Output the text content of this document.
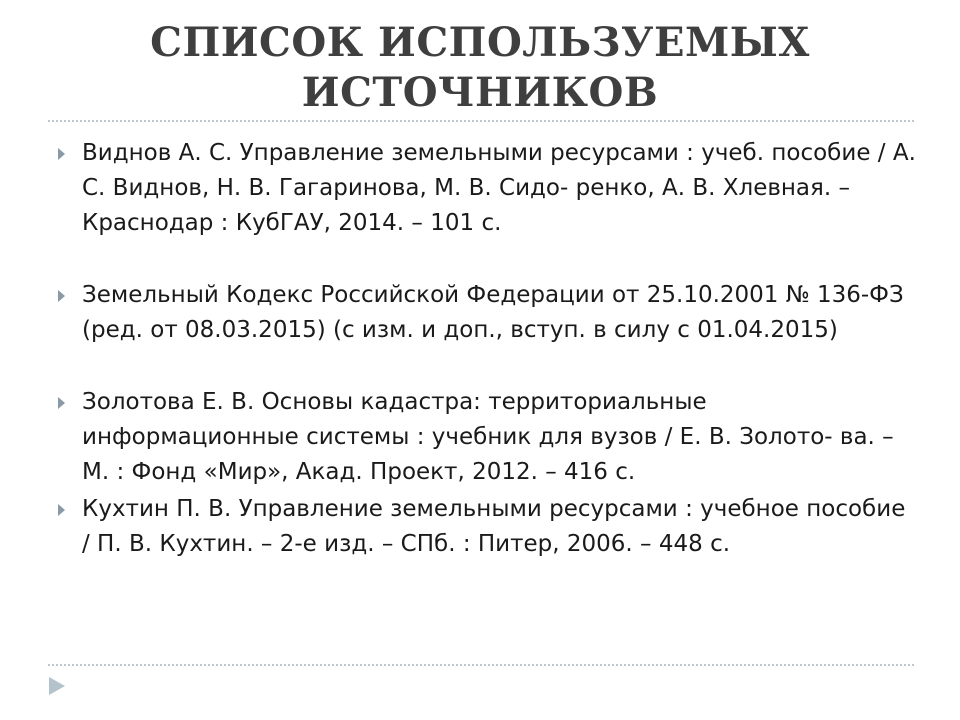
СПИСОК ИСПОЛЬЗУЕМЫХ
ИСТОЧНИКОВ
Виднов А. С. Управление земельными ресурсами : учеб. пособие / А. С. Виднов, Н. В. Гагаринова, М. В. Сидо- ренко, А. В. Хлевная. – Краснодар : КубГАУ, 2014. – 101 с.
Земельный Кодекс Российской Федерации от 25.10.2001 № 136-ФЗ (ред. от 08.03.2015) (с изм. и доп., вступ. в силу с 01.04.2015)
Золотова Е. В. Основы кадастра: территориальные информационные системы : учебник для вузов / Е. В. Золото- ва. – М. : Фонд «Мир», Акад. Проект, 2012. – 416 с.
Кухтин П. В. Управление земельными ресурсами : учебное пособие / П. В. Кухтин. – 2-е изд. – СПб. : Питер, 2006. – 448 с.
